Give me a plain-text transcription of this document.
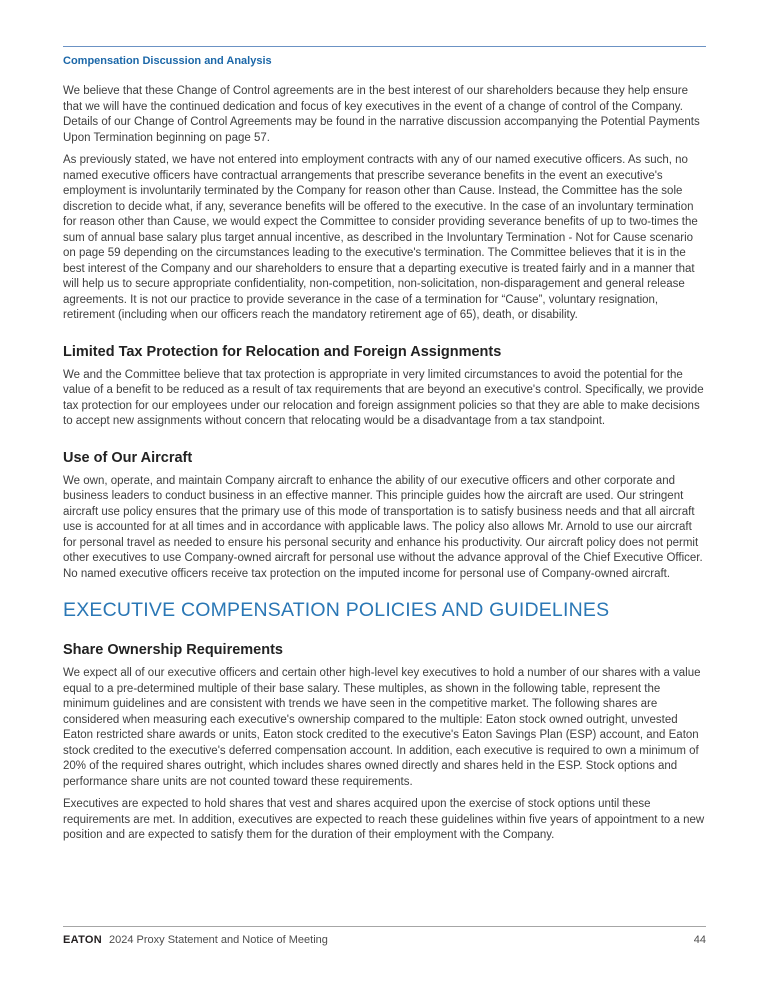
Compensation Discussion and Analysis

We believe that these Change of Control agreements are in the best interest of our shareholders because they help ensure that we will have the continued dedication and focus of key executives in the event of a change of control of the Company. Details of our Change of Control Agreements may be found in the narrative discussion accompanying the Potential Payments Upon Termination beginning on page 57.

As previously stated, we have not entered into employment contracts with any of our named executive officers. As such, no named executive officers have contractual arrangements that prescribe severance benefits in the event an executive's employment is involuntarily terminated by the Company for reason other than Cause. Instead, the Committee has the sole discretion to decide what, if any, severance benefits will be offered to the executive. In the case of an involuntary termination for reason other than Cause, we would expect the Committee to consider providing severance benefits of up to two-times the sum of annual base salary plus target annual incentive, as described in the Involuntary Termination - Not for Cause scenario on page 59 depending on the circumstances leading to the executive's termination. The Committee believes that it is in the best interest of the Company and our shareholders to ensure that a departing executive is treated fairly and in a manner that will help us to secure appropriate confidentiality, non-competition, non-solicitation, non-disparagement and general release agreements. It is not our practice to provide severance in the case of a termination for “Cause”, voluntary resignation, retirement (including when our officers reach the mandatory retirement age of 65), death, or disability.

Limited Tax Protection for Relocation and Foreign Assignments

We and the Committee believe that tax protection is appropriate in very limited circumstances to avoid the potential for the value of a benefit to be reduced as a result of tax requirements that are beyond an executive's control. Specifically, we provide tax protection for our employees under our relocation and foreign assignment policies so that they are able to make decisions to accept new assignments without concern that relocating would be a disadvantage from a tax standpoint.

Use of Our Aircraft

We own, operate, and maintain Company aircraft to enhance the ability of our executive officers and other corporate and business leaders to conduct business in an effective manner. This principle guides how the aircraft are used. Our stringent aircraft use policy ensures that the primary use of this mode of transportation is to satisfy business needs and that all aircraft use is accounted for at all times and in accordance with applicable laws. The policy also allows Mr. Arnold to use our aircraft for personal travel as needed to ensure his personal security and enhance his productivity. Our aircraft policy does not permit other executives to use Company-owned aircraft for personal use without the advance approval of the Chief Executive Officer. No named executive officers receive tax protection on the imputed income for personal use of Company-owned aircraft.

EXECUTIVE COMPENSATION POLICIES AND GUIDELINES
Share Ownership Requirements

We expect all of our executive officers and certain other high-level key executives to hold a number of our shares with a value equal to a pre-determined multiple of their base salary. These multiples, as shown in the following table, represent the minimum guidelines and are consistent with trends we have seen in the competitive market. The following shares are considered when measuring each executive's ownership compared to the multiple: Eaton stock owned outright, unvested Eaton restricted share awards or units, Eaton stock credited to the executive's Eaton Savings Plan (ESP) account, and Eaton stock credited to the executive's deferred compensation account. In addition, each executive is required to own a minimum of 20% of the required shares outright, which includes shares owned directly and shares held in the ESP. Stock options and performance share units are not counted toward these requirements.

Executives are expected to hold shares that vest and shares acquired upon the exercise of stock options until these requirements are met. In addition, executives are expected to reach these guidelines within five years of appointment to a new position and are expected to satisfy them for the duration of their employment with the Company.

EATON 2024 Proxy Statement and Notice of Meeting	44
